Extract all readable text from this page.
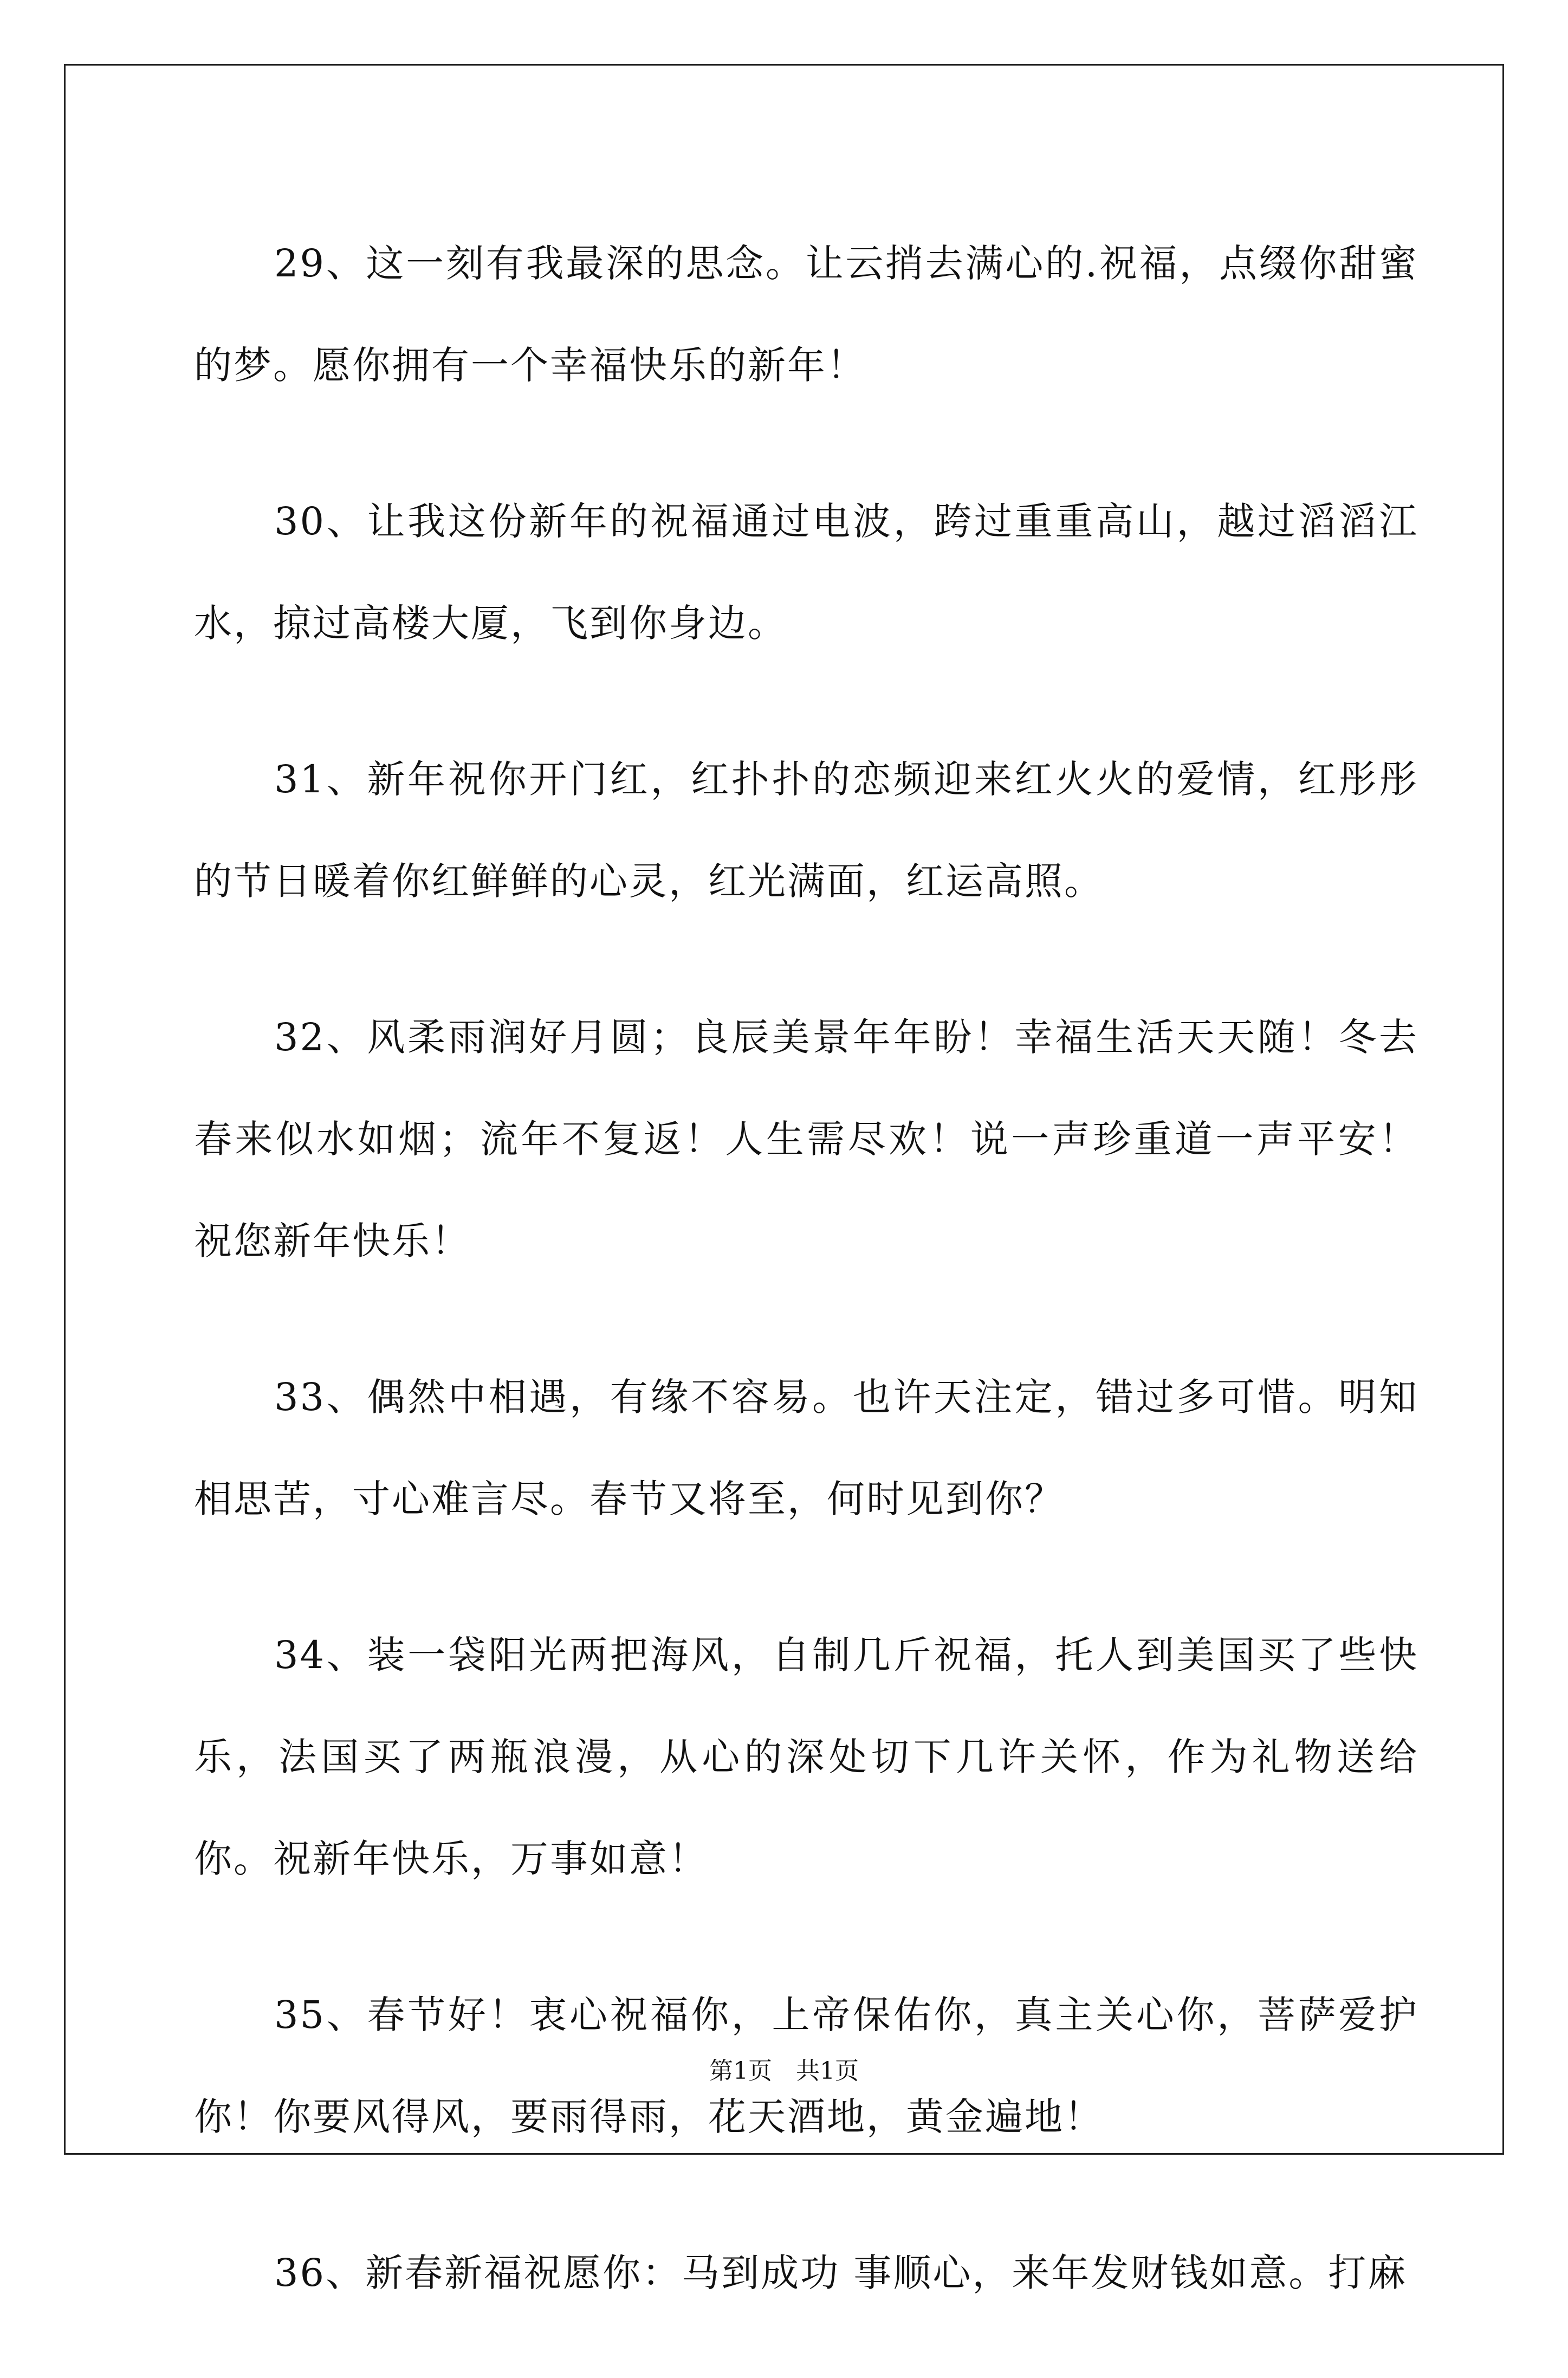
29、这一刻有我最深的思念。让云捎去满心的.祝福，点缀你甜蜜的梦。愿你拥有一个幸福快乐的新年！

30、让我这份新年的祝福通过电波，跨过重重高山，越过滔滔江水，掠过高楼大厦，飞到你身边。

31、新年祝你开门红，红扑扑的恋频迎来红火火的爱情，红彤彤的节日暖着你红鲜鲜的心灵，红光满面，红运高照。

32、风柔雨润好月圆；良辰美景年年盼！幸福生活天天随！冬去春来似水如烟；流年不复返！人生需尽欢！说一声珍重道一声平安！祝您新年快乐！

33、偶然中相遇，有缘不容易。也许天注定，错过多可惜。明知相思苦，寸心难言尽。春节又将至，何时见到你？

34、装一袋阳光两把海风，自制几斤祝福，托人到美国买了些快乐，法国买了两瓶浪漫，从心的深处切下几许关怀，作为礼物送给你。祝新年快乐，万事如意！

35、春节好！衷心祝福你，上帝保佑你，真主关心你，菩萨爱护你！你要风得风，要雨得雨，花天酒地，黄金遍地！

36、新春新福祝愿你：马到成功 事顺心，来年发财钱如意。打麻

第1页　共1页
